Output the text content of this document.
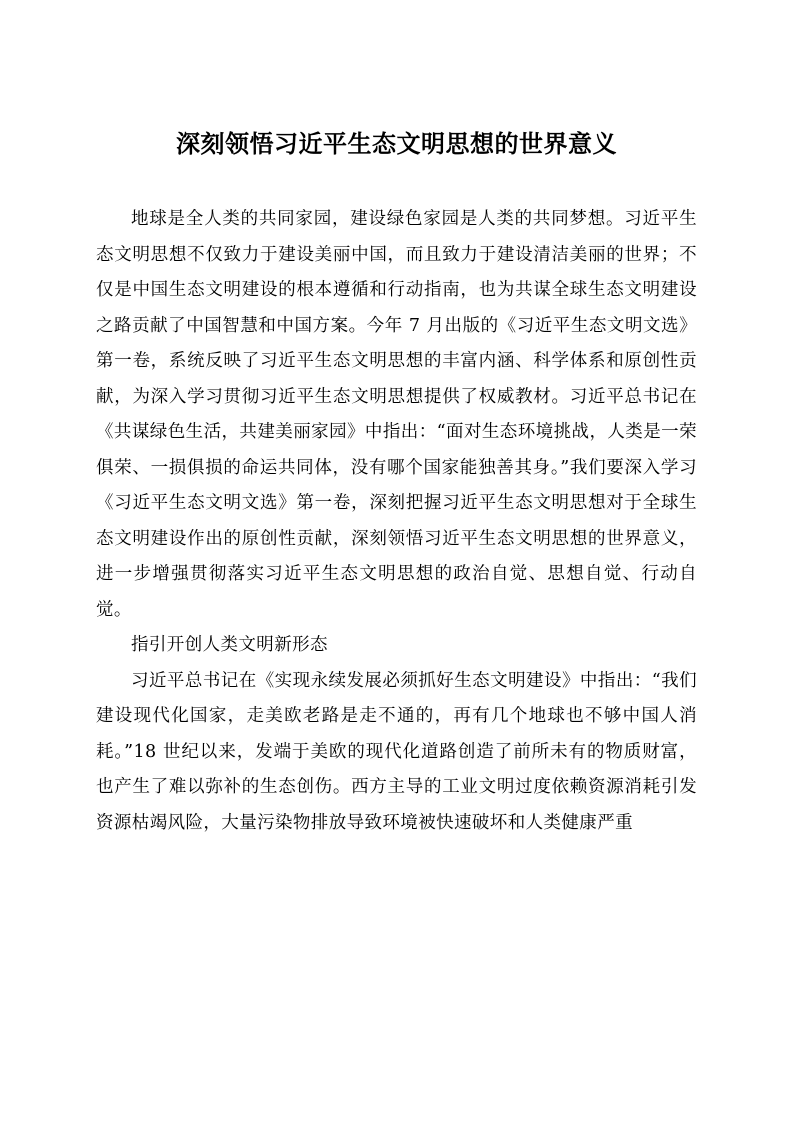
深刻领悟习近平生态文明思想的世界意义

地球是全人类的共同家园，建设绿色家园是人类的共同梦想。习近平生态文明思想不仅致力于建设美丽中国，而且致力于建设清洁美丽的世界；不仅是中国生态文明建设的根本遵循和行动指南，也为共谋全球生态文明建设之路贡献了中国智慧和中国方案。今年 7 月出版的《习近平生态文明文选》第一卷，系统反映了习近平生态文明思想的丰富内涵、科学体系和原创性贡献，为深入学习贯彻习近平生态文明思想提供了权威教材。习近平总书记在《共谋绿色生活，共建美丽家园》中指出：“面对生态环境挑战，人类是一荣俱荣、一损俱损的命运共同体，没有哪个国家能独善其身。”我们要深入学习《习近平生态文明文选》第一卷，深刻把握习近平生态文明思想对于全球生态文明建设作出的原创性贡献，深刻领悟习近平生态文明思想的世界意义，进一步增强贯彻落实习近平生态文明思想的政治自觉、思想自觉、行动自觉。

指引开创人类文明新形态

习近平总书记在《实现永续发展必须抓好生态文明建设》中指出：“我们建设现代化国家，走美欧老路是走不通的，再有几个地球也不够中国人消耗。”18 世纪以来，发端于美欧的现代化道路创造了前所未有的物质财富，也产生了难以弥补的生态创伤。西方主导的工业文明过度依赖资源消耗引发资源枯竭风险，大量污染物排放导致环境被快速破坏和人类健康严重
